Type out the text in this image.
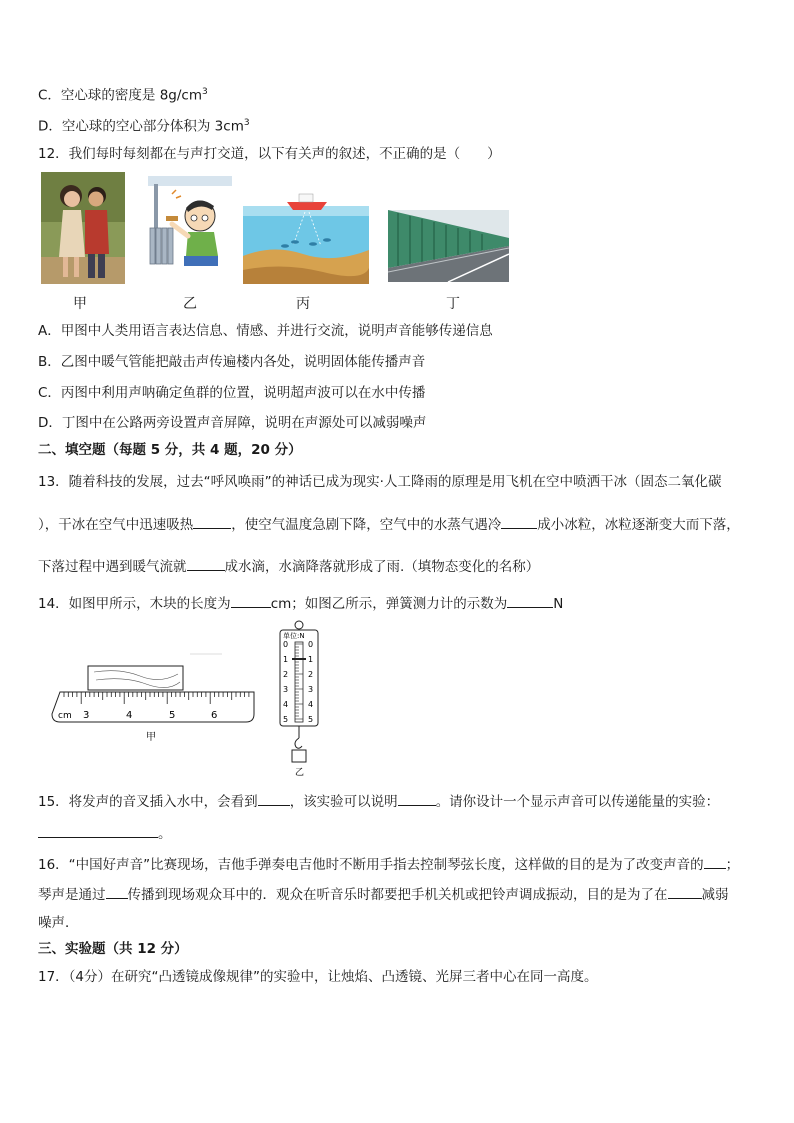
C．空心球的密度是 $8g/cm^3$
D．空心球的空心部分体积为 $3cm^3$
12．我们每时每刻都在与声打交道，以下有关声的叙述，不正确的是（　　）
甲	乙	丙	丁
A．甲图中人类用语言表达信息、情感、并进行交流，说明声音能够传递信息
B．乙图中暖气管能把敲击声传遍楼内各处，说明固体能传播声音
C．丙图中利用声呐确定鱼群的位置，说明超声波可以在水中传播
D．丁图中在公路两旁设置声音屏障，说明在声源处可以减弱噪声
二、填空题（每题 5 分，共 4 题，20 分）
13．随着科技的发展，过去“呼风唤雨”的神话已成为现实·人工降雨的原理是用飞机在空中喷洒干冰（固态二氧化碳
），干冰在空气中迅速吸热	，使空气温度急剧下降，空气中的水蒸气遇冷	成小冰粒，冰粒逐渐变大而下落，
下落过程中遇到暖气流就	成水滴，水滴降落就形成了雨.（填物态变化的名称）
14．如图甲所示，木块的长度为	cm；如图乙所示，弹簧测力计的示数为	N
cm 3	4	5	6
甲
单位:N
0 0
1 1
2 2
3 3
4 4
5 5
乙
15．将发声的音叉插入水中，会看到 ，该实验可以说明	。请你设计一个显示声音可以传递能量的实验：
。
16．“中国好声音”比赛现场，吉他手弹奏电吉他时不断用手指去控制琴弦长度，这样做的目的是为了改变声音的 ；
琴声是通过 传播到现场观众耳中的．观众在听音乐时都要把手机关机或把铃声调成振动，目的是为了在	减弱
噪声．
三、实验题（共 12 分）
17．（4分）在研究“凸透镜成像规律”的实验中，让烛焰、凸透镜、光屏三者中心在同一高度。
